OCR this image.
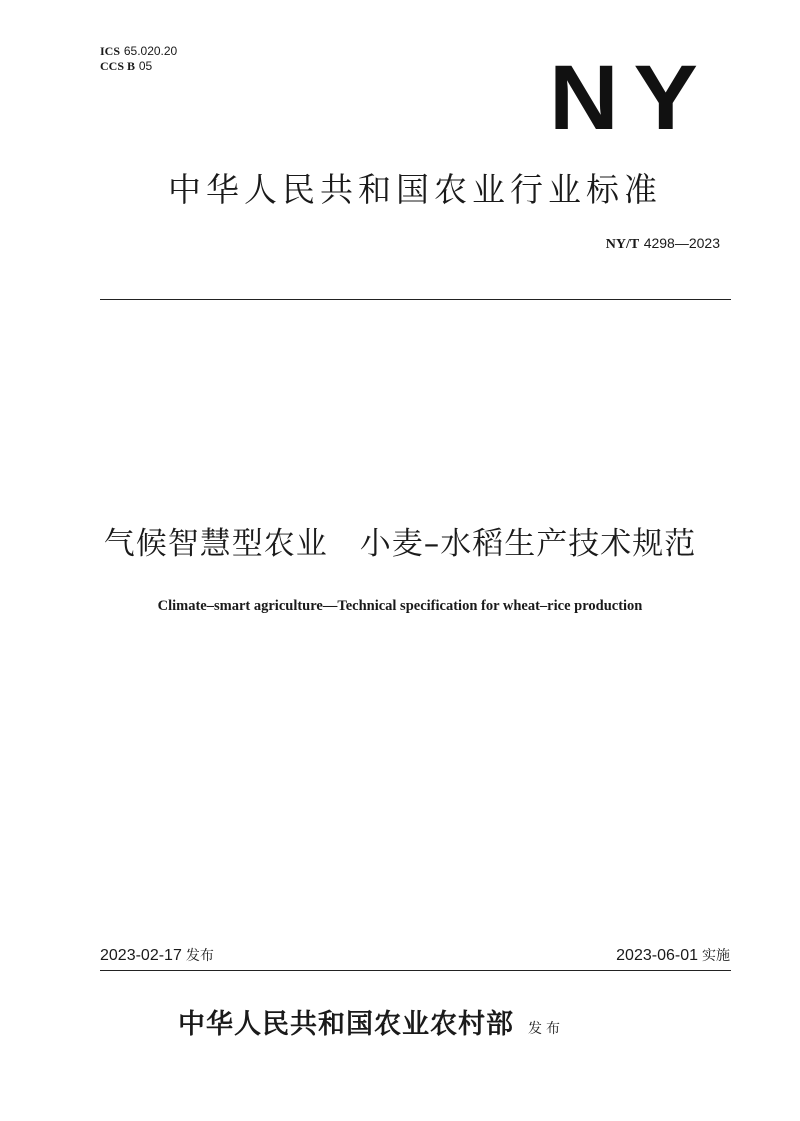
ICS 65.020.20
CCS B 05	NY
中华人民共和国农业行业标准
NY/T 4298—2023
气候智慧型农业　小麦–水稻生产技术规范
Climate–smart agriculture—Technical specification for wheat–rice production
2023-02-17 发布	2023-06-01 实施
中华人民共和国农业农村部 发布
